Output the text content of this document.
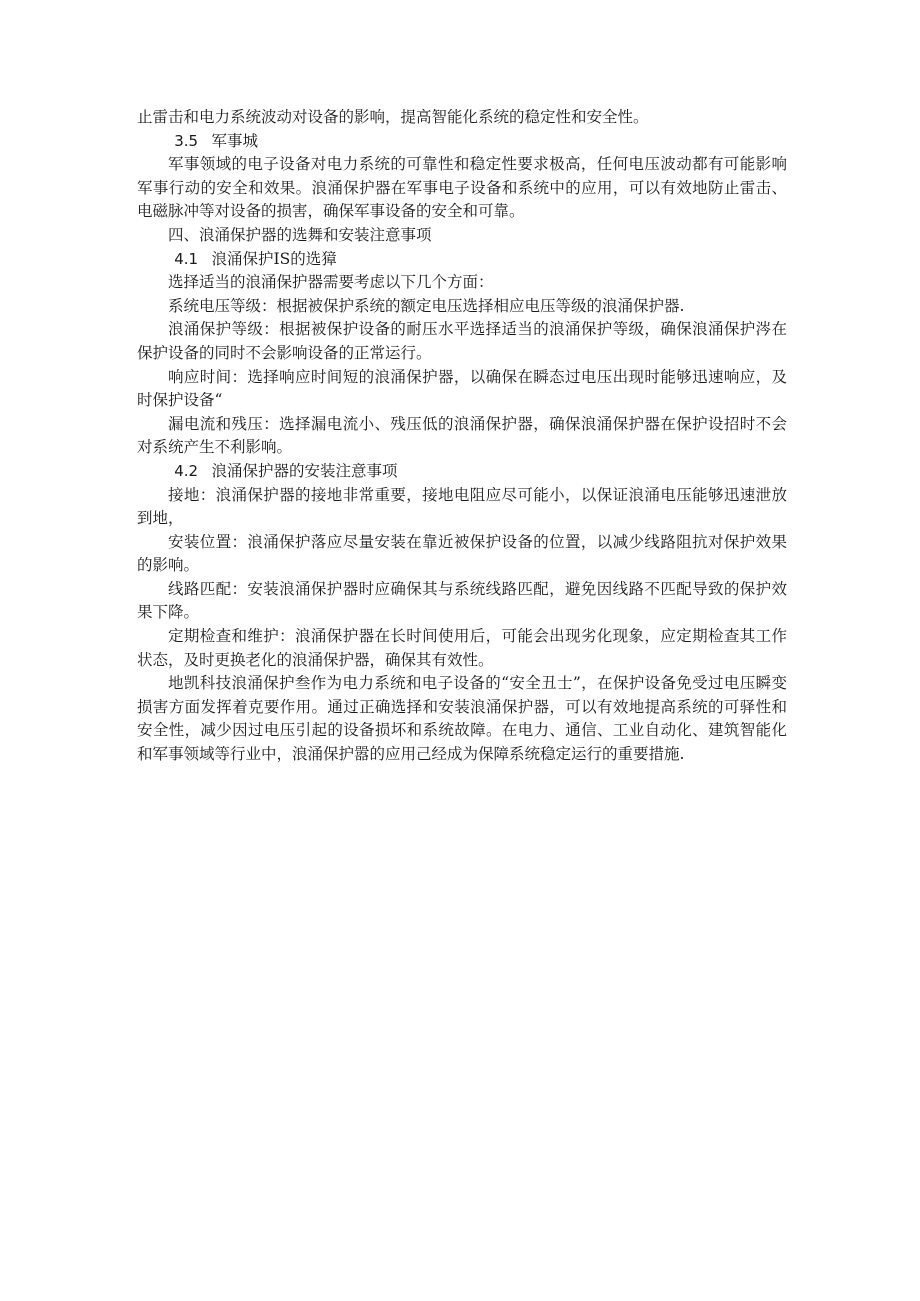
止雷击和电力系统波动对设备的影响，提高智能化系统的稳定性和安全性。

3.5 军事城

军事领域的电子设备对电力系统的可靠性和稳定性要求极高，任何电压波动都有可能影响军事行动的安全和效果。浪涌保护器在军事电子设备和系统中的应用，可以有效地防止雷击、电磁脉冲等对设备的损害，确保军事设备的安全和可靠。

四、浪涌保护器的选舞和安装注意事项

4.1 浪涌保护IS的选獐

选择适当的浪涌保护器需要考虑以下几个方面：

系统电压等级：根据被保护系统的额定电压选择相应电压等级的浪涌保护器.

浪涌保护等级：根据被保护设备的耐压水平选择适当的浪涌保护等级，确保浪涌保护涔在保护设备的同时不会影响设备的正常运行。

响应时间：选择响应时间短的浪涌保护器，以确保在瞬态过电压出现时能够迅速响应，及时保护设备“

漏电流和残压：选择漏电流小、残压低的浪涌保护器，确保浪涌保护器在保护设招时不会对系统产生不利影响。

4.2 浪涌保护器的安装注意事项

接地：浪涌保护器的接地非常重要，接地电阻应尽可能小，以保证浪涌电压能够迅速泄放到地，

安装位置：浪涌保护落应尽量安装在靠近被保护设备的位置，以减少线路阻抗对保护效果的影响。

线路匹配：安装浪涌保护器时应确保其与系统线路匹配，避免因线路不匹配导致的保护效果下降。

定期检查和维护：浪涌保护器在长时间使用后，可能会出现劣化现象，应定期检查其工作状态，及时更换老化的浪涌保护器，确保其有效性。

地凯科技浪涌保护叁作为电力系统和电子设备的“安全丑士”，在保护设备免受过电压瞬变损害方面发挥着克要作用。通过正确选择和安装浪涌保护器，可以有效地提高系统的可驿性和安全性，减少因过电压引起的设备损坏和系统故障。在电力、通信、工业自动化、建筑智能化和军事领域等行业中，浪涌保护嚣的应用己经成为保障系统稳定运行的重要措施.
